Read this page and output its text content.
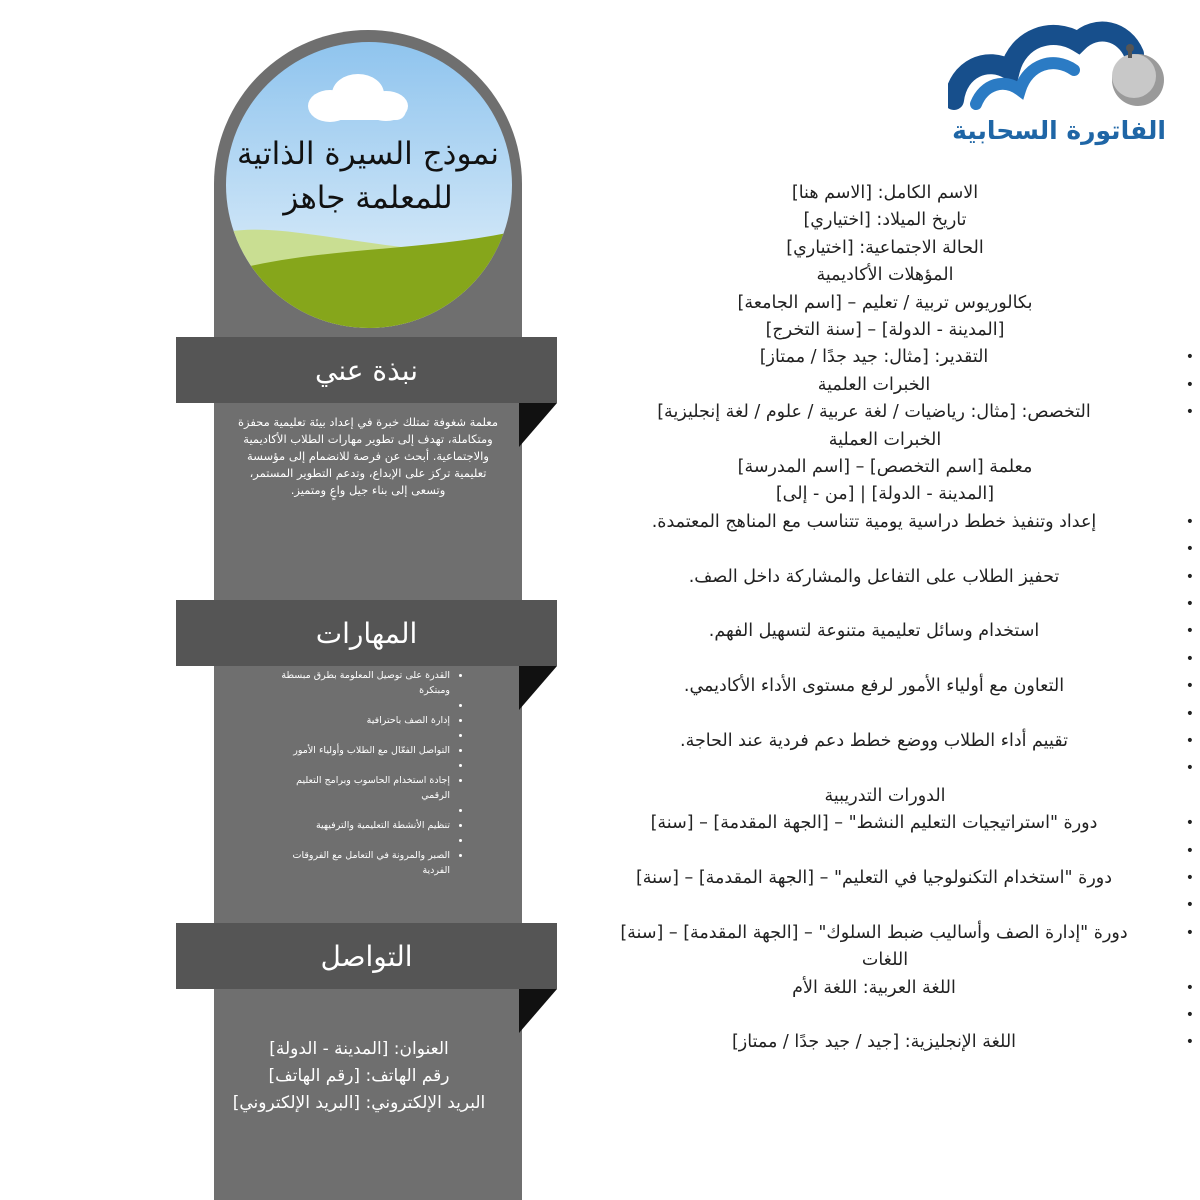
نموذج السيرة الذاتية
للمعلمة جاهز
نبذة عني
معلمة شغوفة تمتلك خبرة في إعداد بيئة تعليمية محفزة
ومتكاملة، تهدف إلى تطوير مهارات الطلاب الأكاديمية
والاجتماعية. أبحث عن فرصة للانضمام إلى مؤسسة
تعليمية تركز على الإبداع، وتدعم التطوير المستمر،
وتسعى إلى بناء جيل واعٍ ومتميز.
المهارات
• القدرة على توصيل المعلومة بطرق مبسطة ومبتكرة
•
• إدارة الصف باحترافية
•
• التواصل الفعّال مع الطلاب وأولياء الأمور
•
• إجادة استخدام الحاسوب وبرامج التعليم الرقمي
•
• تنظيم الأنشطة التعليمية والترفيهية
•
• الصبر والمرونة في التعامل مع الفروقات الفردية
التواصل
العنوان: [المدينة - الدولة]
رقم الهاتف: [رقم الهاتف]
البريد الإلكتروني: [البريد الإلكتروني]
الفاتورة السحابية
الاسم الكامل: [الاسم هنا]
تاريخ الميلاد: [اختياري]
الحالة الاجتماعية: [اختياري]
المؤهلات الأكاديمية
بكالوريوس تربية / تعليم – [اسم الجامعة]
[المدينة - الدولة] – [سنة التخرج]
• التقدير: [مثال: جيد جدًا / ممتاز]
• الخبرات العلمية
• التخصص: [مثال: رياضيات / لغة عربية / علوم / لغة إنجليزية]
الخبرات العملية
معلمة [اسم التخصص] – [اسم المدرسة]
[المدينة - الدولة] | [من - إلى]
• إعداد وتنفيذ خطط دراسية يومية تتناسب مع المناهج المعتمدة.
•
• تحفيز الطلاب على التفاعل والمشاركة داخل الصف.
•
• استخدام وسائل تعليمية متنوعة لتسهيل الفهم.
•
• التعاون مع أولياء الأمور لرفع مستوى الأداء الأكاديمي.
•
• تقييم أداء الطلاب ووضع خطط دعم فردية عند الحاجة.
•
الدورات التدريبية
• دورة "استراتيجيات التعليم النشط" – [الجهة المقدمة] – [سنة]
•
• دورة "استخدام التكنولوجيا في التعليم" – [الجهة المقدمة] – [سنة]
•
• دورة "إدارة الصف وأساليب ضبط السلوك" – [الجهة المقدمة] – [سنة]
اللغات
• اللغة العربية: اللغة الأم
•
• اللغة الإنجليزية: [جيد / جيد جدًا / ممتاز]
